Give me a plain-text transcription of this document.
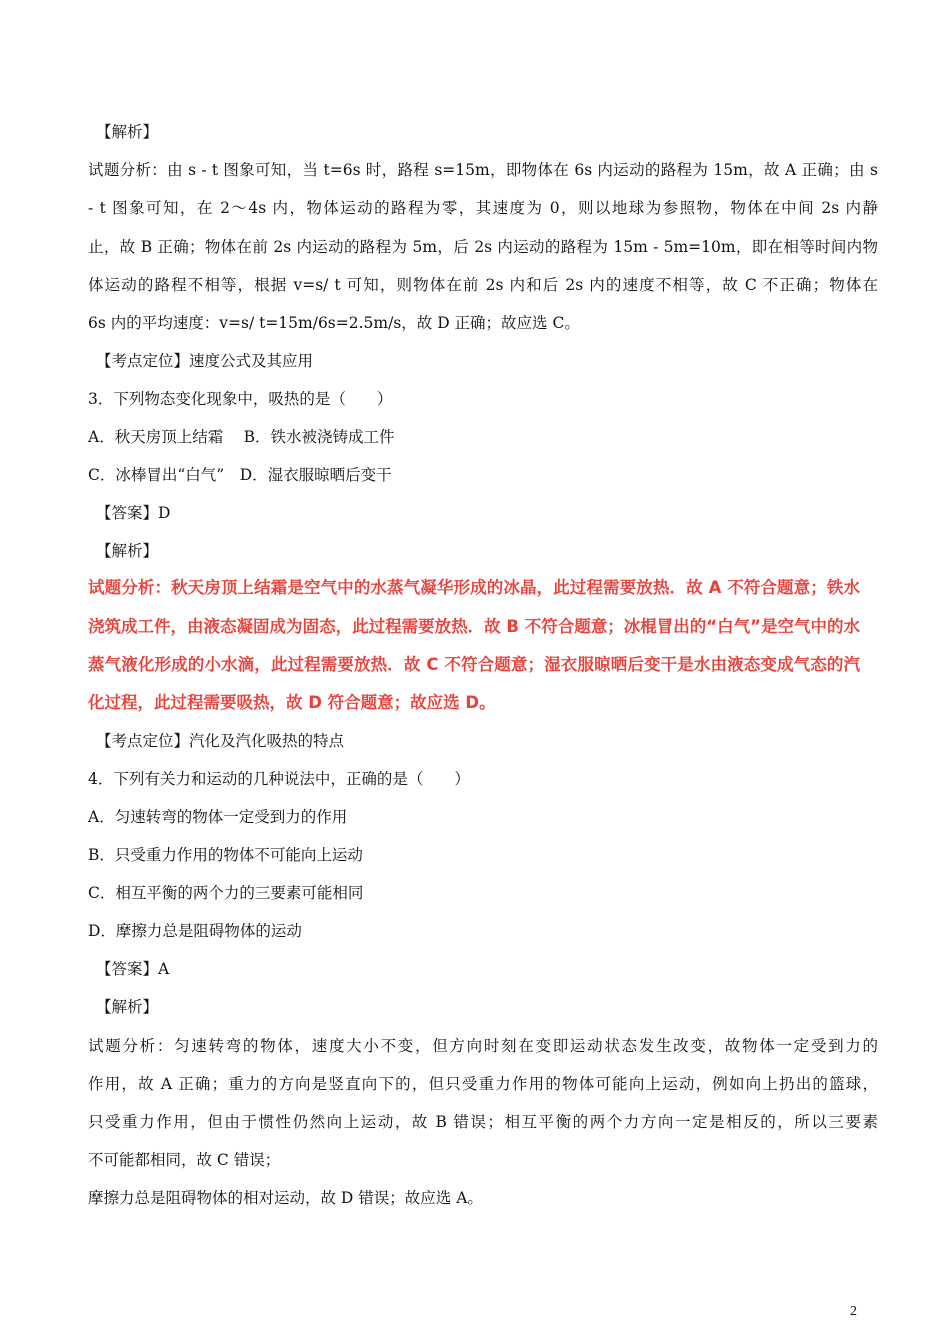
【解析】
试题分析：由 s - t 图象可知，当 t=6s 时，路程 s=15m，即物体在 6s 内运动的路程为 15m，故 A 正确；由 s
- t 图象可知，在 2～4s 内，物体运动的路程为零，其速度为 0，则以地球为参照物，物体在中间 2s 内静
止，故 B 正确；物体在前 2s 内运动的路程为 5m，后 2s 内运动的路程为 15m - 5m=10m，即在相等时间内物
体运动的路程不相等，根据 v=s/ t 可知，则物体在前 2s 内和后 2s 内的速度不相等，故 C 不正确；物体在
6s 内的平均速度：v=s/ t=15m/6s=2.5m/s，故 D 正确；故应选 C。
【考点定位】速度公式及其应用
3．下列物态变化现象中，吸热的是（　　）
A．秋天房顶上结霜　 B．铁水被浇铸成工件
C．冰棒冒出“白气”　D．湿衣服晾晒后变干
【答案】D
【解析】
试题分析：秋天房顶上结霜是空气中的水蒸气凝华形成的冰晶，此过程需要放热．故 A 不符合题意；铁水
浇筑成工件，由液态凝固成为固态，此过程需要放热．故 B 不符合题意；冰棍冒出的“白气”是空气中的水
蒸气液化形成的小水滴，此过程需要放热．故 C 不符合题意；湿衣服晾晒后变干是水由液态变成气态的汽
化过程，此过程需要吸热，故 D 符合题意；故应选 D。
【考点定位】汽化及汽化吸热的特点
4．下列有关力和运动的几种说法中，正确的是（　　）
A．匀速转弯的物体一定受到力的作用
B．只受重力作用的物体不可能向上运动
C．相互平衡的两个力的三要素可能相同
D．摩擦力总是阻碍物体的运动
【答案】A
【解析】
试题分析：匀速转弯的物体，速度大小不变，但方向时刻在变即运动状态发生改变，故物体一定受到力的
作用，故 A 正确；重力的方向是竖直向下的，但只受重力作用的物体可能向上运动，例如向上扔出的篮球，
只受重力作用，但由于惯性仍然向上运动，故 B 错误；相互平衡的两个力方向一定是相反的，所以三要素
不可能都相同，故 C 错误；
摩擦力总是阻碍物体的相对运动，故 D 错误；故应选 A。
2
